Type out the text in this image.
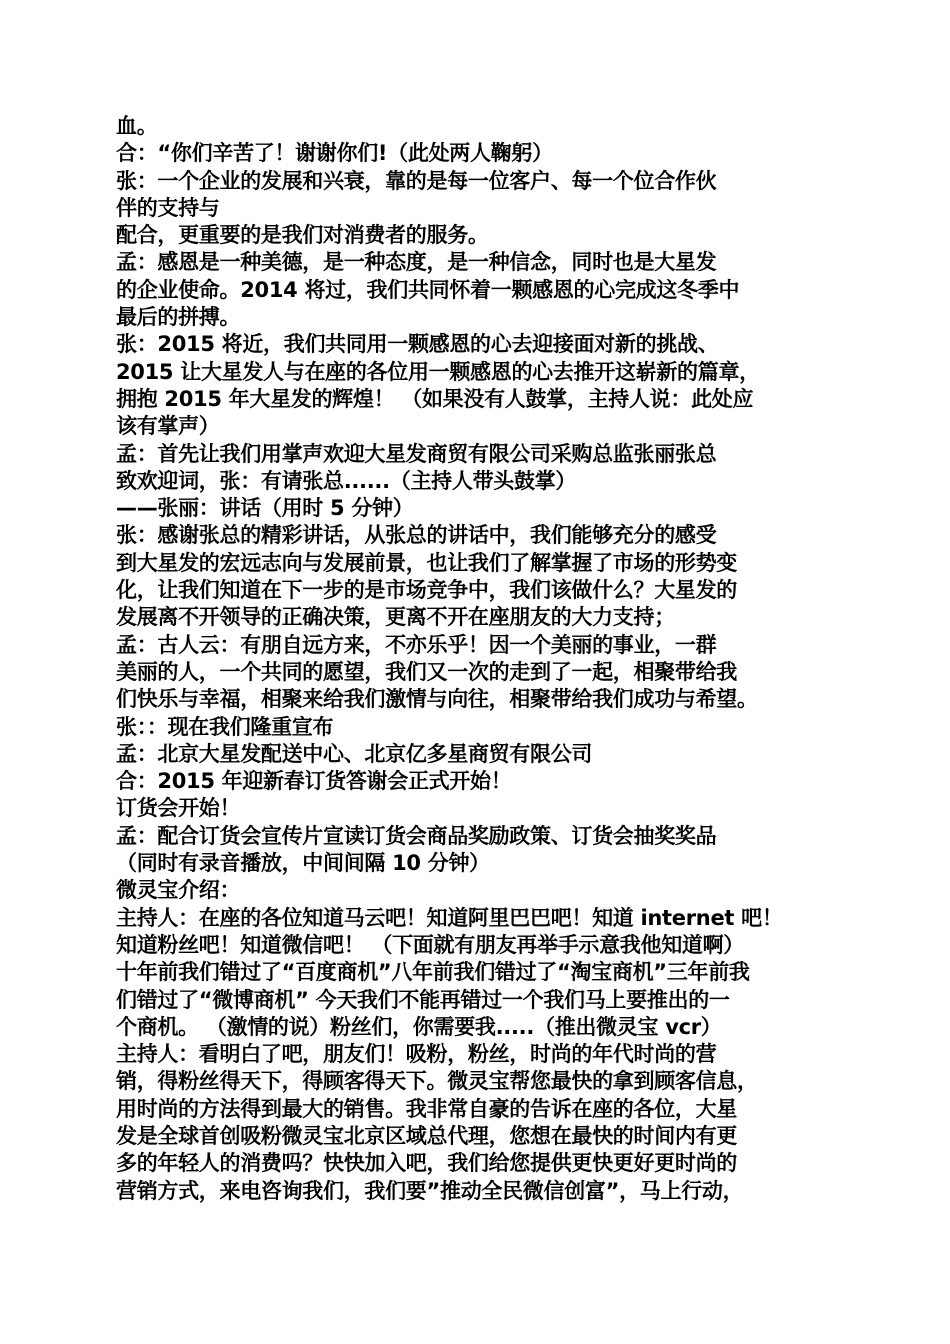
血。
合：“你们辛苦了！谢谢你们!（此处两人鞠躬）
张：一个企业的发展和兴衰，靠的是每一位客户、每一个位合作伙
伴的支持与
配合，更重要的是我们对消费者的服务。
孟：感恩是一种美德，是一种态度，是一种信念，同时也是大星发
的企业使命。2014 将过，我们共同怀着一颗感恩的心完成这冬季中
最后的拼搏。
张：2015 将近，我们共同用一颗感恩的心去迎接面对新的挑战、
2015 让大星发人与在座的各位用一颗感恩的心去推开这崭新的篇章，
拥抱 2015 年大星发的辉煌！ （如果没有人鼓掌，主持人说：此处应
该有掌声）
孟：首先让我们用掌声欢迎大星发商贸有限公司采购总监张丽张总
致欢迎词，张：有请张总......（主持人带头鼓掌）
——张丽：讲话（用时 5 分钟）
张：感谢张总的精彩讲话，从张总的讲话中，我们能够充分的感受
到大星发的宏远志向与发展前景，也让我们了解掌握了市场的形势变
化，让我们知道在下一步的是市场竞争中，我们该做什么？大星发的
发展离不开领导的正确决策，更离不开在座朋友的大力支持；
孟：古人云：有朋自远方来，不亦乐乎！因一个美丽的事业，一群
美丽的人，一个共同的愿望，我们又一次的走到了一起，相聚带给我
们快乐与幸福，相聚来给我们激情与向往，相聚带给我们成功与希望。
张：：现在我们隆重宣布
孟：北京大星发配送中心、北京亿多星商贸有限公司
合：2015 年迎新春订货答谢会正式开始！
订货会开始！
孟：配合订货会宣传片宣读订货会商品奖励政策、订货会抽奖奖品
（同时有录音播放，中间间隔 10 分钟）
微灵宝介绍：
主持人：在座的各位知道马云吧！知道阿里巴巴吧！知道 internet 吧！
知道粉丝吧！知道微信吧！ （下面就有朋友再举手示意我他知道啊）
十年前我们错过了“百度商机”八年前我们错过了“淘宝商机”三年前我
们错过了“微博商机” 今天我们不能再错过一个我们马上要推出的一
个商机。 （激情的说）粉丝们，你需要我.....（推出微灵宝 vcr）
主持人：看明白了吧，朋友们！吸粉，粉丝，时尚的年代时尚的营
销，得粉丝得天下，得顾客得天下。微灵宝帮您最快的拿到顾客信息，
用时尚的方法得到最大的销售。我非常自豪的告诉在座的各位，大星
发是全球首创吸粉微灵宝北京区域总代理，您想在最快的时间内有更
多的年轻人的消费吗？快快加入吧，我们给您提供更快更好更时尚的
营销方式，来电咨询我们，我们要”推动全民微信创富”，马上行动，
